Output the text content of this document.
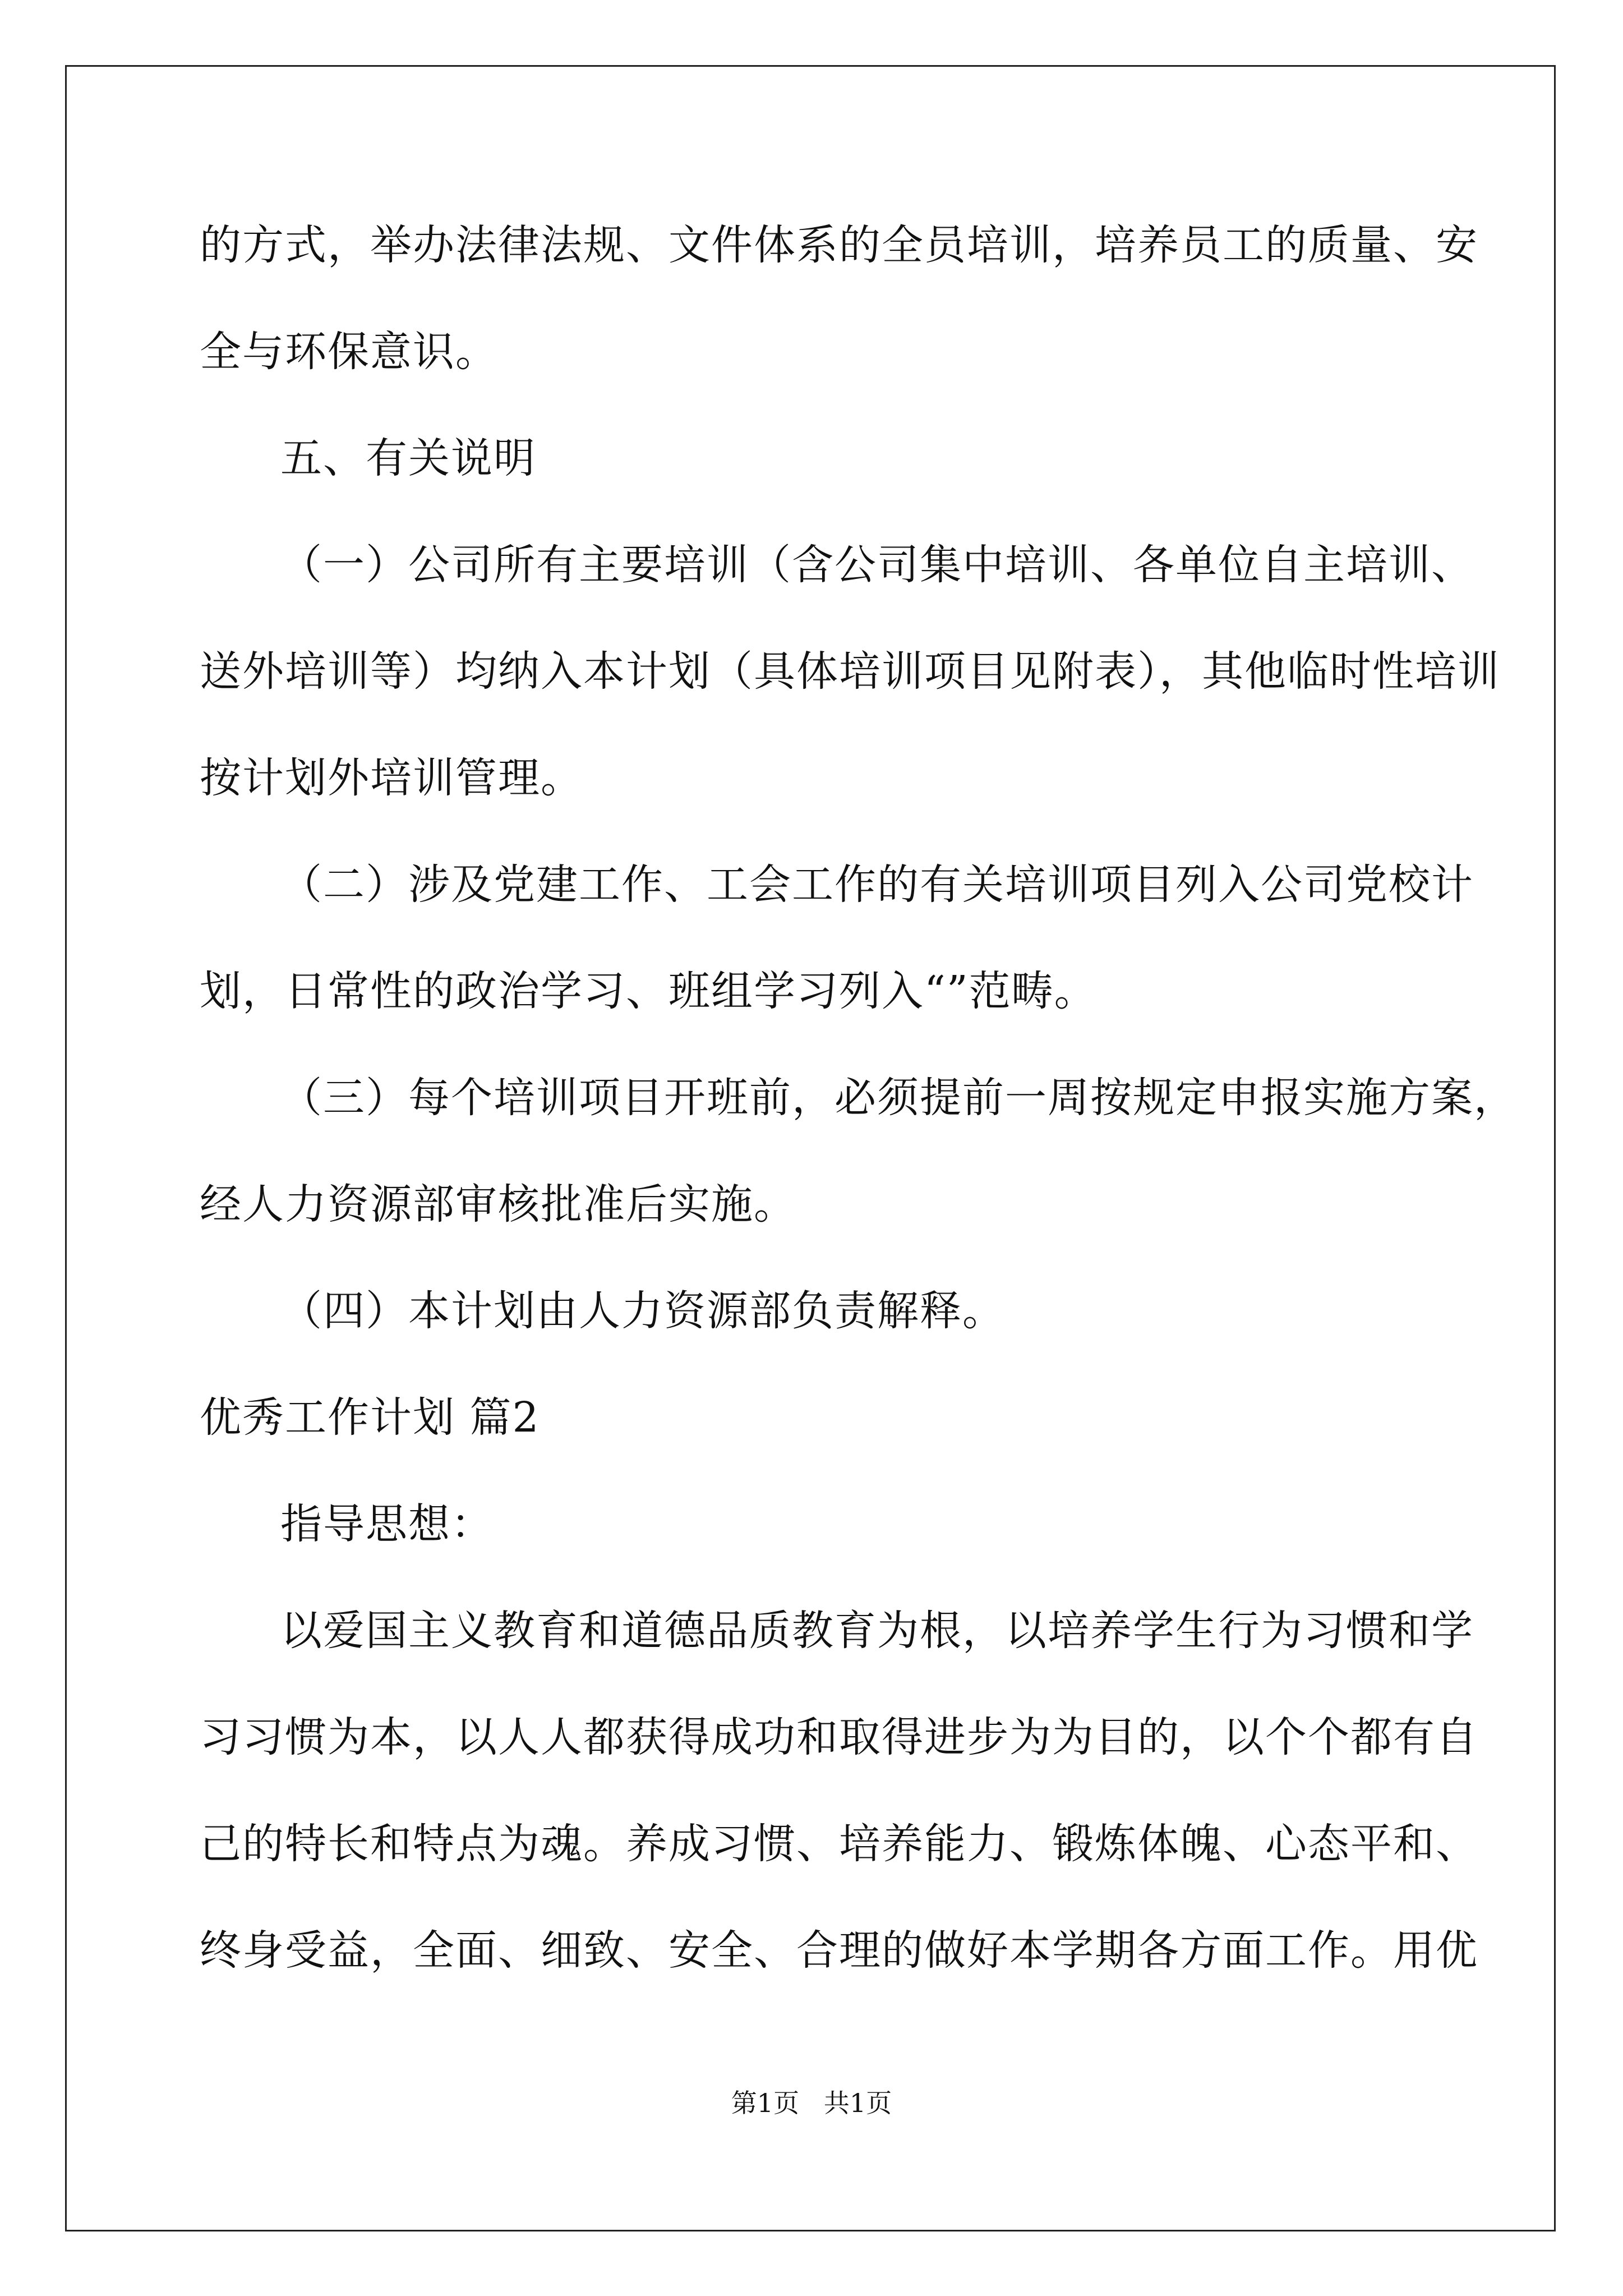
的方式，举办法律法规、文件体系的全员培训，培养员工的质量、安
全与环保意识。
五、有关说明
（一）公司所有主要培训（含公司集中培训、各单位自主培训、
送外培训等）均纳入本计划（具体培训项目见附表），其他临时性培训
按计划外培训管理。
（二）涉及党建工作、工会工作的有关培训项目列入公司党校计
划，日常性的政治学习、班组学习列入“”范畴。
（三）每个培训项目开班前，必须提前一周按规定申报实施方案，
经人力资源部审核批准后实施。
（四）本计划由人力资源部负责解释。
优秀工作计划 篇2
指导思想：
以爱国主义教育和道德品质教育为根，以培养学生行为习惯和学
习习惯为本，以人人都获得成功和取得进步为为目的，以个个都有自
己的特长和特点为魂。养成习惯、培养能力、锻炼体魄、心态平和、
终身受益，全面、细致、安全、合理的做好本学期各方面工作。用优
第1页   共1页
